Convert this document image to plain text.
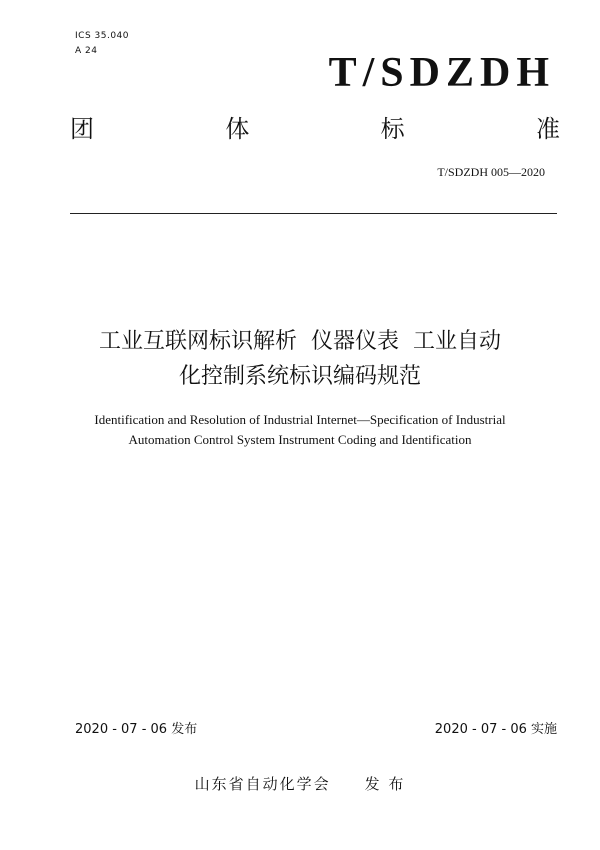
ICS 35.040
A 24	T/SDZDH
团	体	标	准
T/SDZDH 005—2020
工业互联网标识解析  仪器仪表  工业自动
化控制系统标识编码规范
Identification and Resolution of Industrial Internet—Specification of Industrial
Automation Control System Instrument Coding and Identification
2020 - 07 - 06 发布	2020 - 07 - 06 实施
山东省自动化学会 发 布
